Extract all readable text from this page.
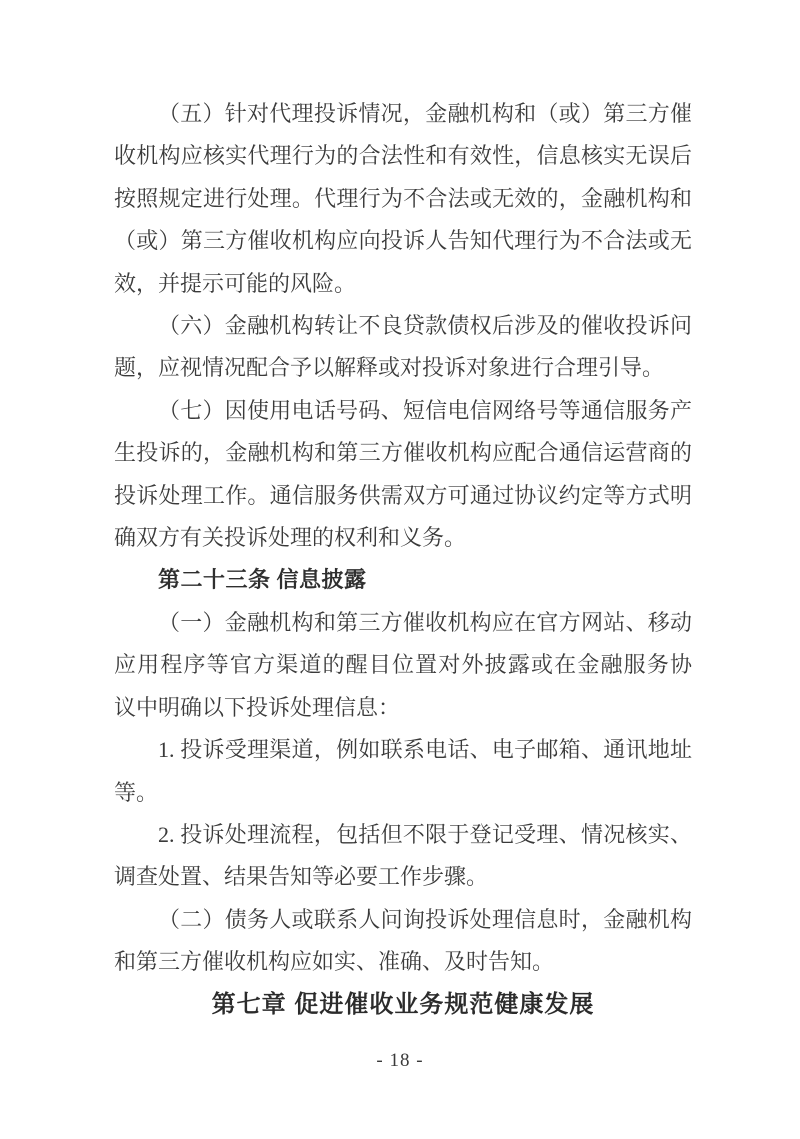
（五）针对代理投诉情况，金融机构和（或）第三方催
收机构应核实代理行为的合法性和有效性，信息核实无误后
按照规定进行处理。代理行为不合法或无效的，金融机构和
（或）第三方催收机构应向投诉人告知代理行为不合法或无
效，并提示可能的风险。
（六）金融机构转让不良贷款债权后涉及的催收投诉问
题，应视情况配合予以解释或对投诉对象进行合理引导。
（七）因使用电话号码、短信电信网络号等通信服务产
生投诉的，金融机构和第三方催收机构应配合通信运营商的
投诉处理工作。通信服务供需双方可通过协议约定等方式明
确双方有关投诉处理的权利和义务。
第二十三条 信息披露
（一）金融机构和第三方催收机构应在官方网站、移动
应用程序等官方渠道的醒目位置对外披露或在金融服务协
议中明确以下投诉处理信息：
1. 投诉受理渠道，例如联系电话、电子邮箱、通讯地址
等。
2. 投诉处理流程，包括但不限于登记受理、情况核实、
调查处置、结果告知等必要工作步骤。
（二）债务人或联系人问询投诉处理信息时，金融机构
和第三方催收机构应如实、准确、及时告知。
第七章 促进催收业务规范健康发展
- 18 -
